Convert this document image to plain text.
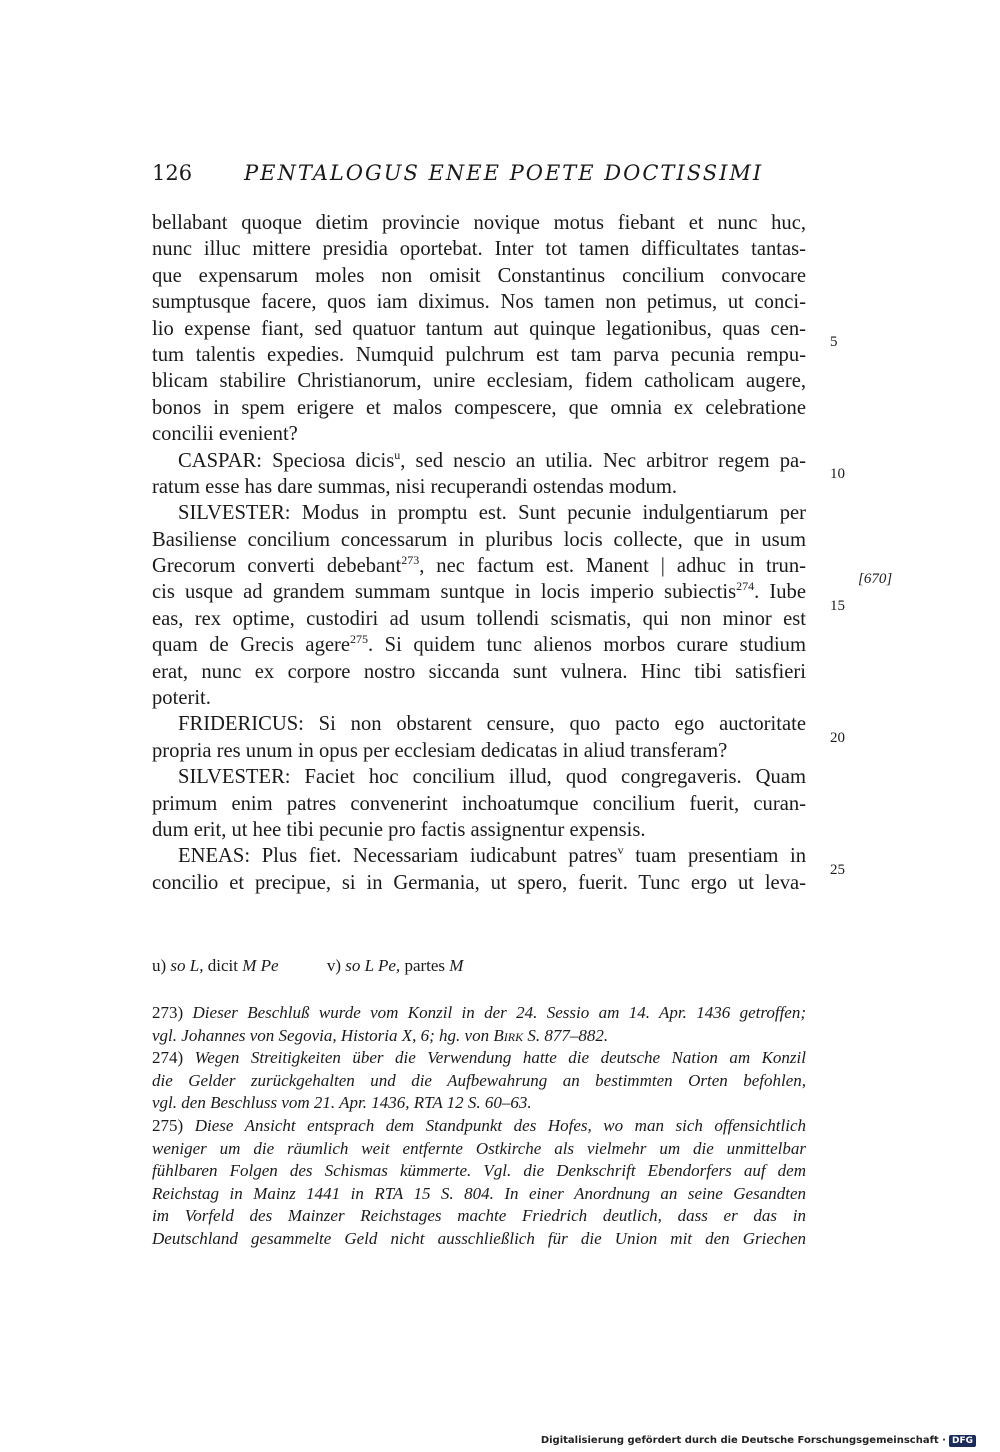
126 PENTALOGUS ENEE POETE DOCTISSIMI
bellabant quoque dietim provincie novique motus fiebant et nunc huc,
nunc illuc mittere presidia oportebat. Inter tot tamen difficultates tantas-
que expensarum moles non omisit Constantinus concilium convocare
sumptusque facere, quos iam diximus. Nos tamen non petimus, ut conci-
lio expense fiant, sed quatuor tantum aut quinque legationibus, quas cen-
tum talentis expedies. Numquid pulchrum est tam parva pecunia rempu-
blicam stabilire Christianorum, unire ecclesiam, fidem catholicam augere,
bonos in spem erigere et malos compescere, que omnia ex celebratione
concilii evenient?
CASPAR: Speciosa dicis$^u$, sed nescio an utilia. Nec arbitror regem pa-
ratum esse has dare summas, nisi recuperandi ostendas modum.
SILVESTER: Modus in promptu est. Sunt pecunie indulgentiarum per
Basiliense concilium concessarum in pluribus locis collecte, que in usum
Grecorum converti debebant$^{273}$, nec factum est. Manent | adhuc in trun-
cis usque ad grandem summam suntque in locis imperio subiectis$^{274}$. Iube
eas, rex optime, custodiri ad usum tollendi scismatis, qui non minor est
quam de Grecis agere$^{275}$. Si quidem tunc alienos morbos curare studium
erat, nunc ex corpore nostro siccanda sunt vulnera. Hinc tibi satisfieri
poterit.
FRIDERICUS: Si non obstarent censure, quo pacto ego auctoritate
propria res unum in opus per ecclesiam dedicatas in aliud transferam?
SILVESTER: Faciet hoc concilium illud, quod congregaveris. Quam
primum enim patres convenerint inchoatumque concilium fuerit, curan-
dum erit, ut hee tibi pecunie pro factis assignentur expensis.
ENEAS: Plus fiet. Necessariam iudicabunt patres$^v$ tuam presentiam in
concilio et precipue, si in Germania, ut spero, fuerit. Tunc ergo ut leva-
5
10
15
20
25
[670]
u) so L, dicit M Pe	v) so L Pe, partes M
273) Dieser Beschluß wurde vom Konzil in der 24. Sessio am 14. Apr. 1436 getroffen;
vgl. Johannes von Segovia, Historia X, 6; hg. von Birk S. 877–882.
274) Wegen Streitigkeiten über die Verwendung hatte die deutsche Nation am Konzil
die Gelder zurückgehalten und die Aufbewahrung an bestimmten Orten befohlen,
vgl. den Beschluss vom 21. Apr. 1436, RTA 12 S. 60–63.
275) Diese Ansicht entsprach dem Standpunkt des Hofes, wo man sich offensichtlich
weniger um die räumlich weit entfernte Ostkirche als vielmehr um die unmittelbar
fühlbaren Folgen des Schismas kümmerte. Vgl. die Denkschrift Ebendorfers auf dem
Reichstag in Mainz 1441 in RTA 15 S. 804. In einer Anordnung an seine Gesandten
im Vorfeld des Mainzer Reichstages machte Friedrich deutlich, dass er das in
Deutschland gesammelte Geld nicht ausschließlich für die Union mit den Griechen
Digitalisierung gefördert durch die Deutsche Forschungsgemeinschaft · DFG
